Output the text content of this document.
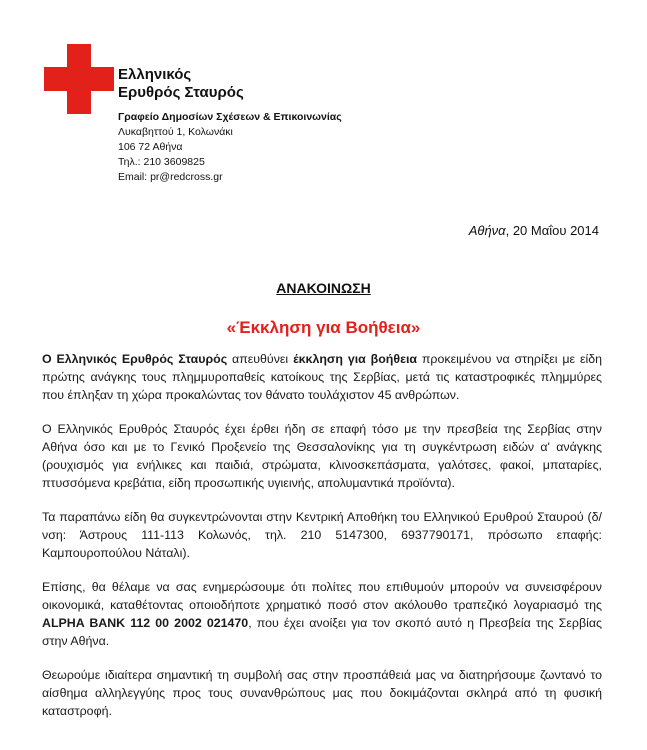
Ελληνικός
Ερυθρός Σταυρός
Γραφείο Δημοσίων Σχέσεων & Επικοινωνίας
Λυκαβηττού 1, Κολωνάκι
106 72 Αθήνα
Τηλ.: 210 3609825
Email: pr@redcross.gr
Αθήνα, 20 Μαΐου 2014
ΑΝΑΚΟΙΝΩΣΗ
«Έκκληση για Βοήθεια»

Ο Ελληνικός Ερυθρός Σταυρός απευθύνει έκκληση για βοήθεια προκειμένου να στηρίξει με είδη πρώτης ανάγκης τους πλημμυροπαθείς κατοίκους της Σερβίας, μετά τις καταστροφικές πλημμύρες που έπληξαν τη χώρα προκαλώντας τον θάνατο τουλάχιστον 45 ανθρώπων.

Ο Ελληνικός Ερυθρός Σταυρός έχει έρθει ήδη σε επαφή τόσο με την πρεσβεία της Σερβίας στην Αθήνα όσο και με το Γενικό Προξενείο της Θεσσαλονίκης για τη συγκέντρωση ειδών α' ανάγκης (ρουχισμός για ενήλικες και παιδιά, στρώματα, κλινοσκεπάσματα, γαλότσες, φακοί, μπαταρίες, πτυσσόμενα κρεβάτια, είδη προσωπικής υγιεινής, απολυμαντικά προϊόντα).

Τα παραπάνω είδη θα συγκεντρώνονται στην Κεντρική Αποθήκη του Ελληνικού Ερυθρού Σταυρού (δ/νση: Άστρους 111-113 Κολωνός, τηλ. 210 5147300, 6937790171, πρόσωπο επαφής: Καμπουροπούλου Νάταλι).

Επίσης, θα θέλαμε να σας ενημερώσουμε ότι πολίτες που επιθυμούν μπορούν να συνεισφέρουν οικονομικά, καταθέτοντας οποιοδήποτε χρηματικό ποσό στον ακόλουθο τραπεζικό λογαριασμό της ALPHA BANK 112 00 2002 021470, που έχει ανοίξει για τον σκοπό αυτό η Πρεσβεία της Σερβίας στην Αθήνα.

Θεωρούμε ιδιαίτερα σημαντική τη συμβολή σας στην προσπάθειά μας να διατηρήσουμε ζωντανό το αίσθημα αλληλεγγύης προς τους συνανθρώπους μας που δοκιμάζονται σκληρά από τη φυσική καταστροφή.
